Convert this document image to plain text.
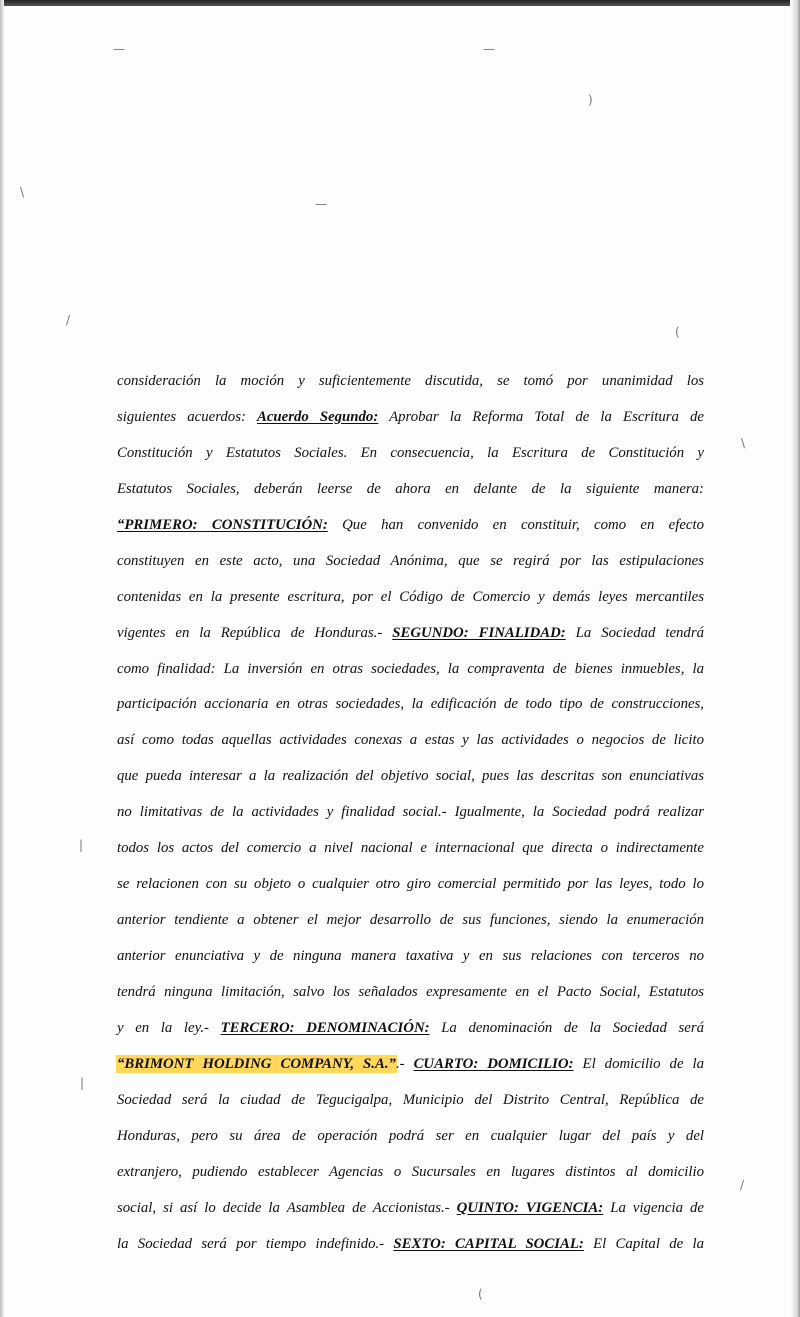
—	—
)
\
—
/
(
\
|
|
/
(
consideración la moción y suficientemente discutida, se tomó por unanimidad los
siguientes acuerdos: Acuerdo Segundo: Aprobar la Reforma Total de la Escritura de
Constitución y Estatutos Sociales. En consecuencia, la Escritura de Constitución y
Estatutos Sociales, deberán leerse de ahora en delante de la siguiente manera:
“PRIMERO: CONSTITUCIÓN: Que han convenido en constituir, como en efecto
constituyen en este acto, una Sociedad Anónima, que se regirá por las estipulaciones
contenidas en la presente escritura, por el Código de Comercio y demás leyes mercantiles
vigentes en la República de Honduras.- SEGUNDO: FINALIDAD: La Sociedad tendrá
como finalidad: La inversión en otras sociedades, la compraventa de bienes inmuebles, la
participación accionaria en otras sociedades, la edificación de todo tipo de construcciones,
así como todas aquellas actividades conexas a estas y las actividades o negocios de licito
que pueda interesar a la realización del objetivo social, pues las descritas son enunciativas
no limitativas de la actividades y finalidad social.- Igualmente, la Sociedad podrá realizar
todos los actos del comercio a nivel nacional e internacional que directa o indirectamente
se relacionen con su objeto o cualquier otro giro comercial permitido por las leyes, todo lo
anterior tendiente a obtener el mejor desarrollo de sus funciones, siendo la enumeración
anterior enunciativa y de ninguna manera taxativa y en sus relaciones con terceros no
tendrá ninguna limitación, salvo los señalados expresamente en el Pacto Social, Estatutos
y en la ley.- TERCERO: DENOMINACIÓN: La denominación de la Sociedad será
“BRIMONT HOLDING COMPANY, S.A.”.- CUARTO: DOMICILIO: El domicilio de la
Sociedad será la ciudad de Tegucigalpa, Municipio del Distrito Central, República de
Honduras, pero su área de operación podrá ser en cualquier lugar del país y del
extranjero, pudiendo establecer Agencias o Sucursales en lugares distintos al domicilio
social, si así lo decide la Asamblea de Accionistas.- QUINTO: VIGENCIA: La vigencia de
la Sociedad será por tiempo indefinido.- SEXTO: CAPITAL SOCIAL: El Capital de la
